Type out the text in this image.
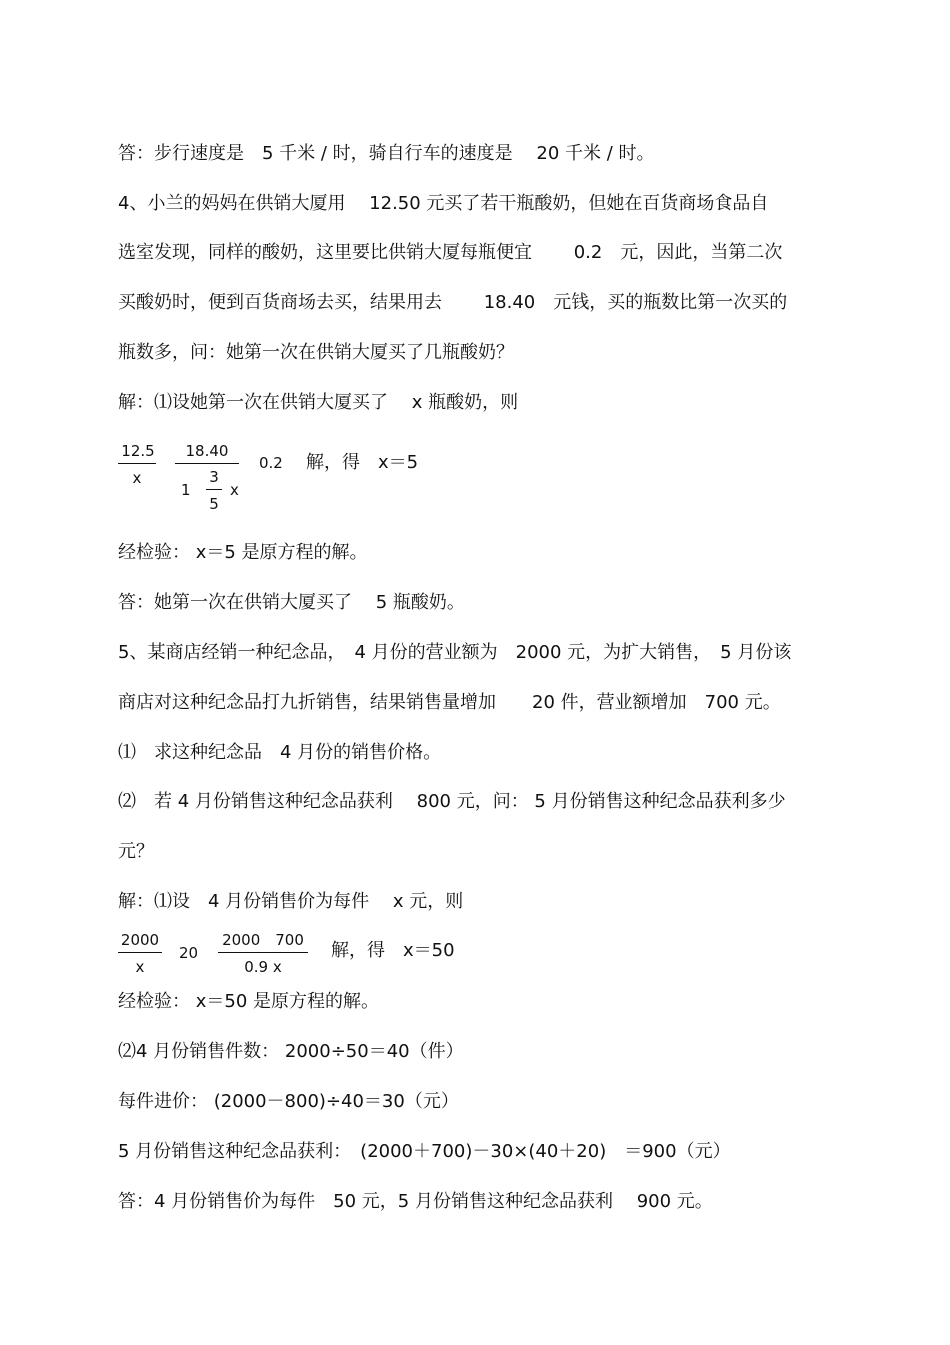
答：步行速度是　5 千米 / 时，骑自行车的速度是　 20 千米 / 时。
4、小兰的妈妈在供销大厦用　 12.50 元买了若干瓶酸奶，但她在百货商场食品自
选室发现，同样的酸奶，这里要比供销大厦每瓶便宜　　 0.2　元，因此，当第二次
买酸奶时，便到百货商场去买，结果用去　　 18.40　元钱，买的瓶数比第一次买的
瓶数多，问：她第一次在供销大厦买了几瓶酸奶？
解：⑴设她第一次在供销大厦买了　 x 瓶酸奶，则
12.5
x
18.40
1
3
5
x
0.2 解，得　x＝5
经检验： x＝5 是原方程的解。
答：她第一次在供销大厦买了　 5 瓶酸奶。
5、某商店经销一种纪念品，　4 月份的营业额为　2000 元，为扩大销售，　5 月份该
商店对这种纪念品打九折销售，结果销售量增加　　20 件，营业额增加　700 元。
⑴　求这种纪念品　4 月份的销售价格。
⑵　若 4 月份销售这种纪念品获利　 800 元，问： 5 月份销售这种纪念品获利多少
元？
解：⑴设　4 月份销售价为每件　 x 元，则
2000
x
20
2000　700
0.9 x
解，得　x＝50
经检验： x＝50 是原方程的解。
⑵4 月份销售件数： 2000÷50＝40（件）
每件进价： (2000－800)÷40＝30（元）
5 月份销售这种纪念品获利：　(2000＋700)－30×(40＋20)　＝900（元）
答：4 月份销售价为每件　50 元，5 月份销售这种纪念品获利　 900 元。
